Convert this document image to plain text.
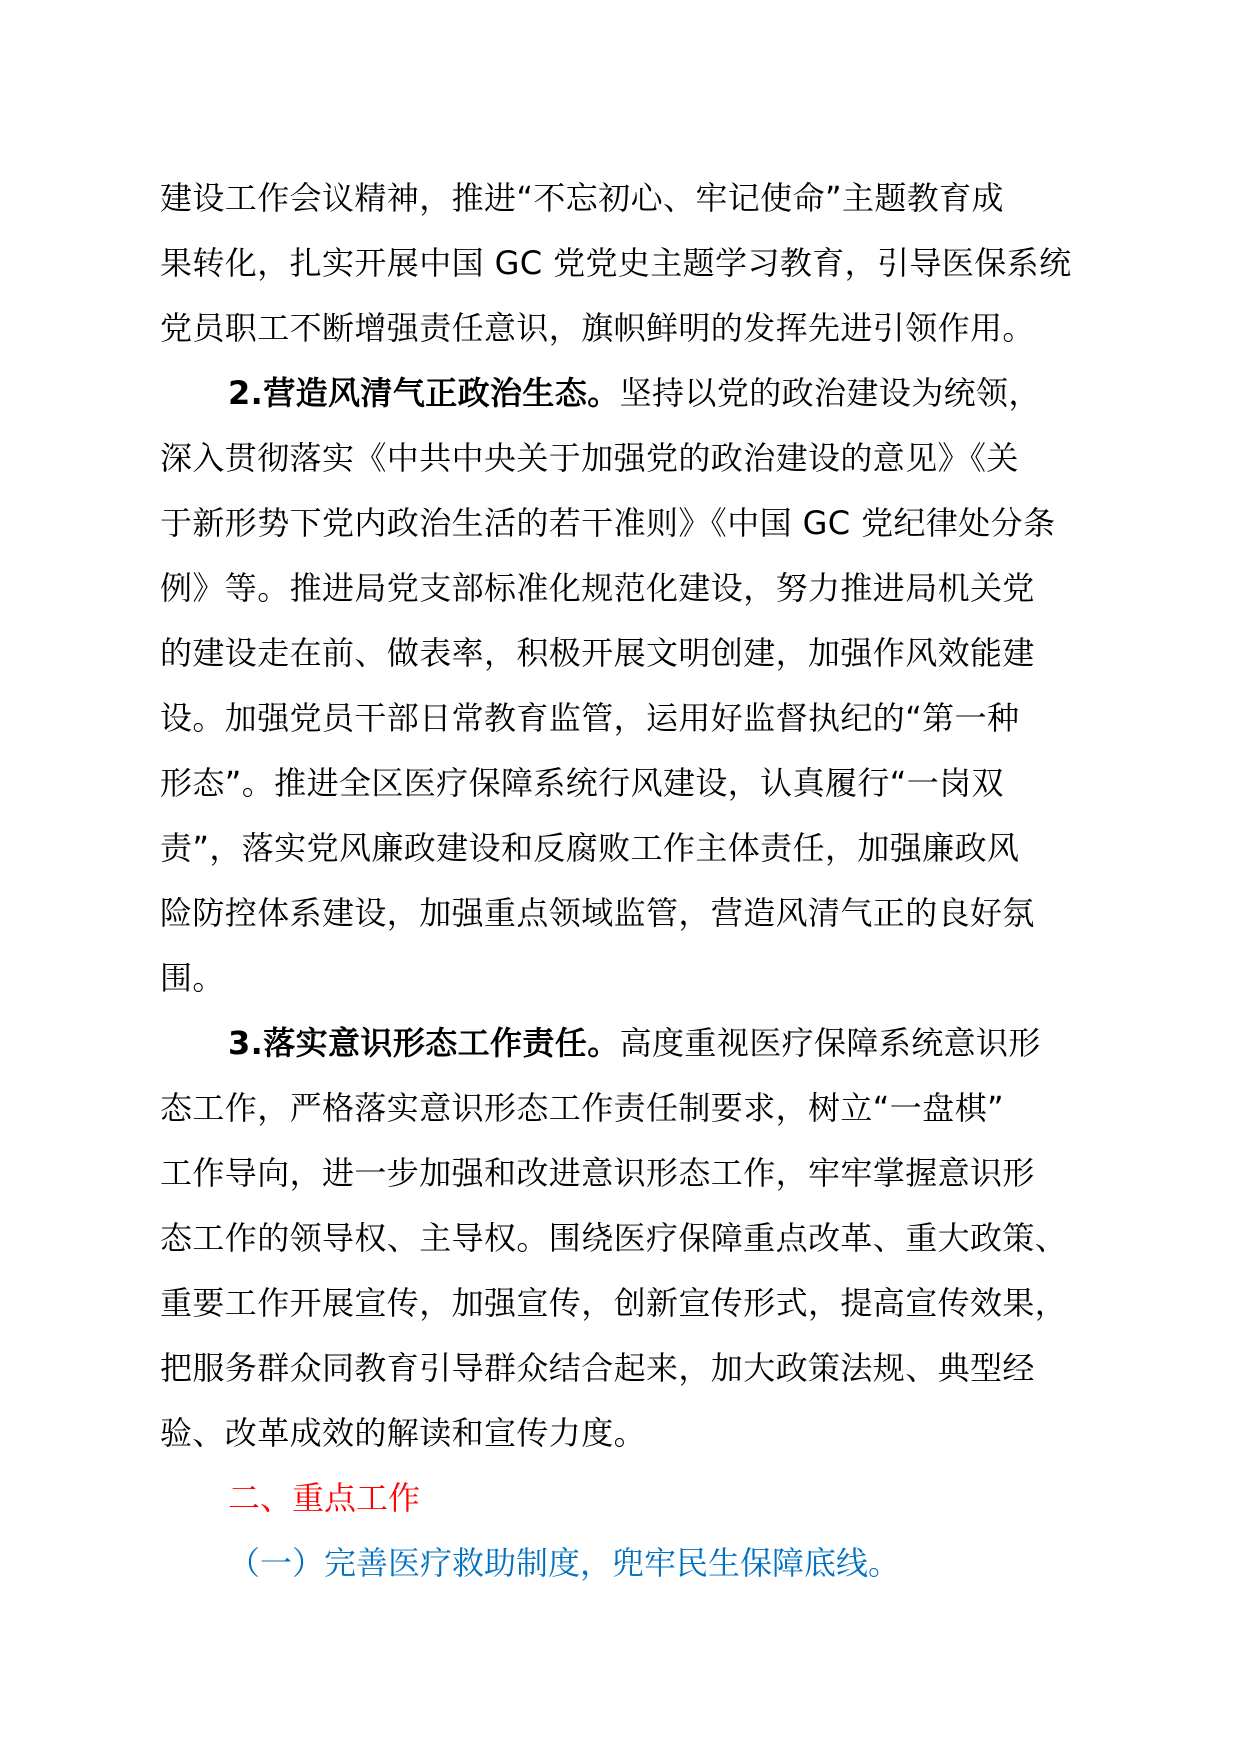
建设工作会议精神，推进“不忘初心、牢记使命”主题教育成
果转化，扎实开展中国 GC 党党史主题学习教育，引导医保系统
党员职工不断增强责任意识，旗帜鲜明的发挥先进引领作用。
2.营造风清气正政治生态。坚持以党的政治建设为统领，
深入贯彻落实《中共中央关于加强党的政治建设的意见》《关
于新形势下党内政治生活的若干准则》《中国 GC 党纪律处分条
例》等。推进局党支部标准化规范化建设，努力推进局机关党
的建设走在前、做表率，积极开展文明创建，加强作风效能建
设。加强党员干部日常教育监管，运用好监督执纪的“第一种
形态”。推进全区医疗保障系统行风建设，认真履行“一岗双
责”，落实党风廉政建设和反腐败工作主体责任，加强廉政风
险防控体系建设，加强重点领域监管，营造风清气正的良好氛
围。
3.落实意识形态工作责任。高度重视医疗保障系统意识形
态工作，严格落实意识形态工作责任制要求，树立“一盘棋”
工作导向，进一步加强和改进意识形态工作，牢牢掌握意识形
态工作的领导权、主导权。围绕医疗保障重点改革、重大政策、
重要工作开展宣传，加强宣传，创新宣传形式，提高宣传效果，
把服务群众同教育引导群众结合起来，加大政策法规、典型经
验、改革成效的解读和宣传力度。
二、重点工作
（一）完善医疗救助制度，兜牢民生保障底线。
